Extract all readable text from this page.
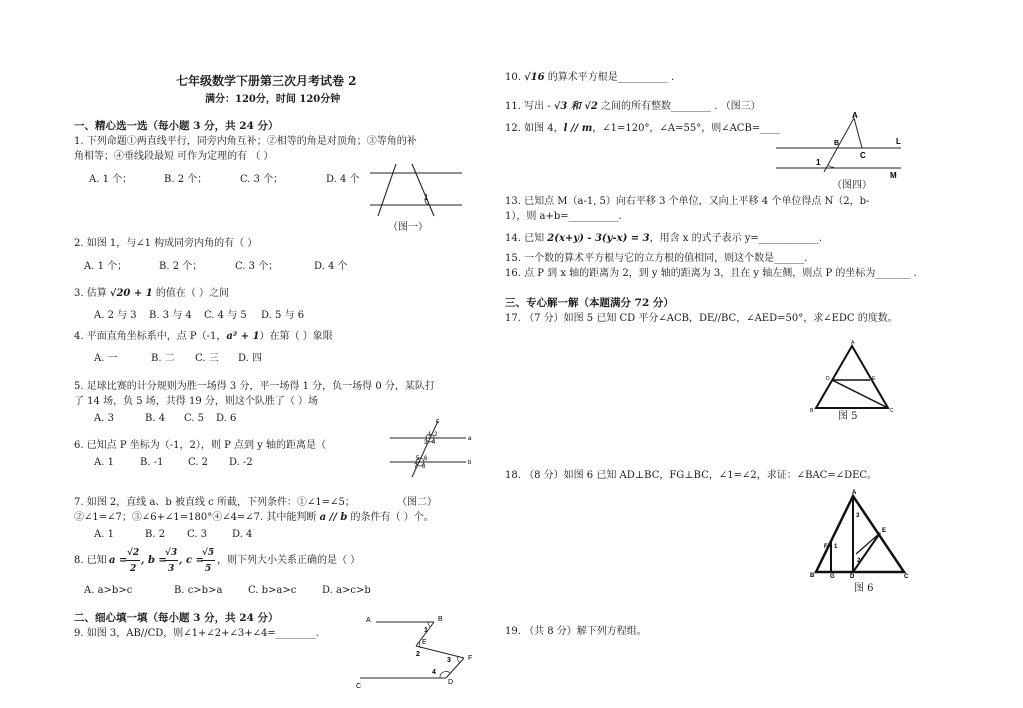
七年级数学下册第三次月考试卷 2
满分：120分，时间 120分钟
一、精心选一选（每小题 3 分，共 24 分）
1. 下列命题①两直线平行，同旁内角互补；②相等的角是对顶角；③等角的补
角相等；④垂线段最短 可作为定理的有 （ ）
A. 1 个；	B. 2 个；	C. 3 个；	D. 4 个
1
（图一）
2. 如图 1，与∠1 构成同旁内角的有（ ）
A. 1 个；	B. 2 个；	C. 3 个；	D. 4 个
3. 估算 √20 + 1 的值在（ ）之间
A. 2 与 3 B. 3 与 4 C. 4 与 5 D. 5 与 6
4. 平面直角坐标系中，点 P（-1，a² + 1）在第（ ）象限
A. 一	B. 二 C. 三 D. 四
5. 足球比赛的计分规则为胜一场得 3 分，平一场得 1 分，负一场得 0 分，某队打
了 14 场，负 5 场，共得 19 分，则这个队胜了（ ）场
A. 3	B. 4 C. 5 D. 6
6. 已知点 P 坐标为（-1，2），则 P 点到 y 轴的距离是（
A. 1	B. -1 C. 2 D. -2
c
a
b
1 2
3 4
5 6
7 8
7. 如图 2，直线 a、b 被直线 c 所截，下列条件：①∠1=∠5；	（图二）
②∠1=∠7；③∠6+∠1=180°④∠4=∠7. 其中能判断 a // b 的条件有（ ）个。
A. 1	B. 2 C. 3 D. 4
8. 已知 a =
√2
2
, b =
√3
3
, c =
√5
5
，则下列大小关系正确的是（ ）
A. a>b>c	B. c>b>a	C. b>a>c	D. a>c>b
二、细心填一填（每小题 3 分，共 24 分）
9. 如图 3，AB//CD，则∠1+∠2+∠3+∠4=________.
A	B
1
E
2
3 F
4
C
D
10. √16 的算术平方根是__________ .
11. 写出 - √3 和 √2 之间的所有整数________ . （图三）
12. 如图 4，l // m，∠1=120°，∠A=55°，则∠ACB=____
A
B
C
1
L
M
（图四）
13. 已知点 M（a-1, 5）向右平移 3 个单位，又向上平移 4 个单位得点 N（2，b-
1），则 a+b=__________.
14. 已知 2(x+y) - 3(y-x) = 3，用含 x 的式子表示 y=____________.
15. 一个数的算术平方根与它的立方根的值相同，则这个数是______.
16. 点 P 到 x 轴的距离为 2，到 y 轴的距离为 3，且在 y 轴左侧，则点 P 的坐标为_______ .
三、专心解一解（本题满分 72 分）
17. （7 分）如图 5 已知 CD 平分∠ACB，DE//BC，∠AED=50°，求∠EDC 的度数。
A
D	E
B	C
图 5
18. （8 分）如图 6 已知 AD⊥BC，FG⊥BC，∠1=∠2，求证：∠BAC=∠DEC。
A
B	D
G
F
E
C
1
2
3
图 6
19. （共 8 分）解下列方程组。
